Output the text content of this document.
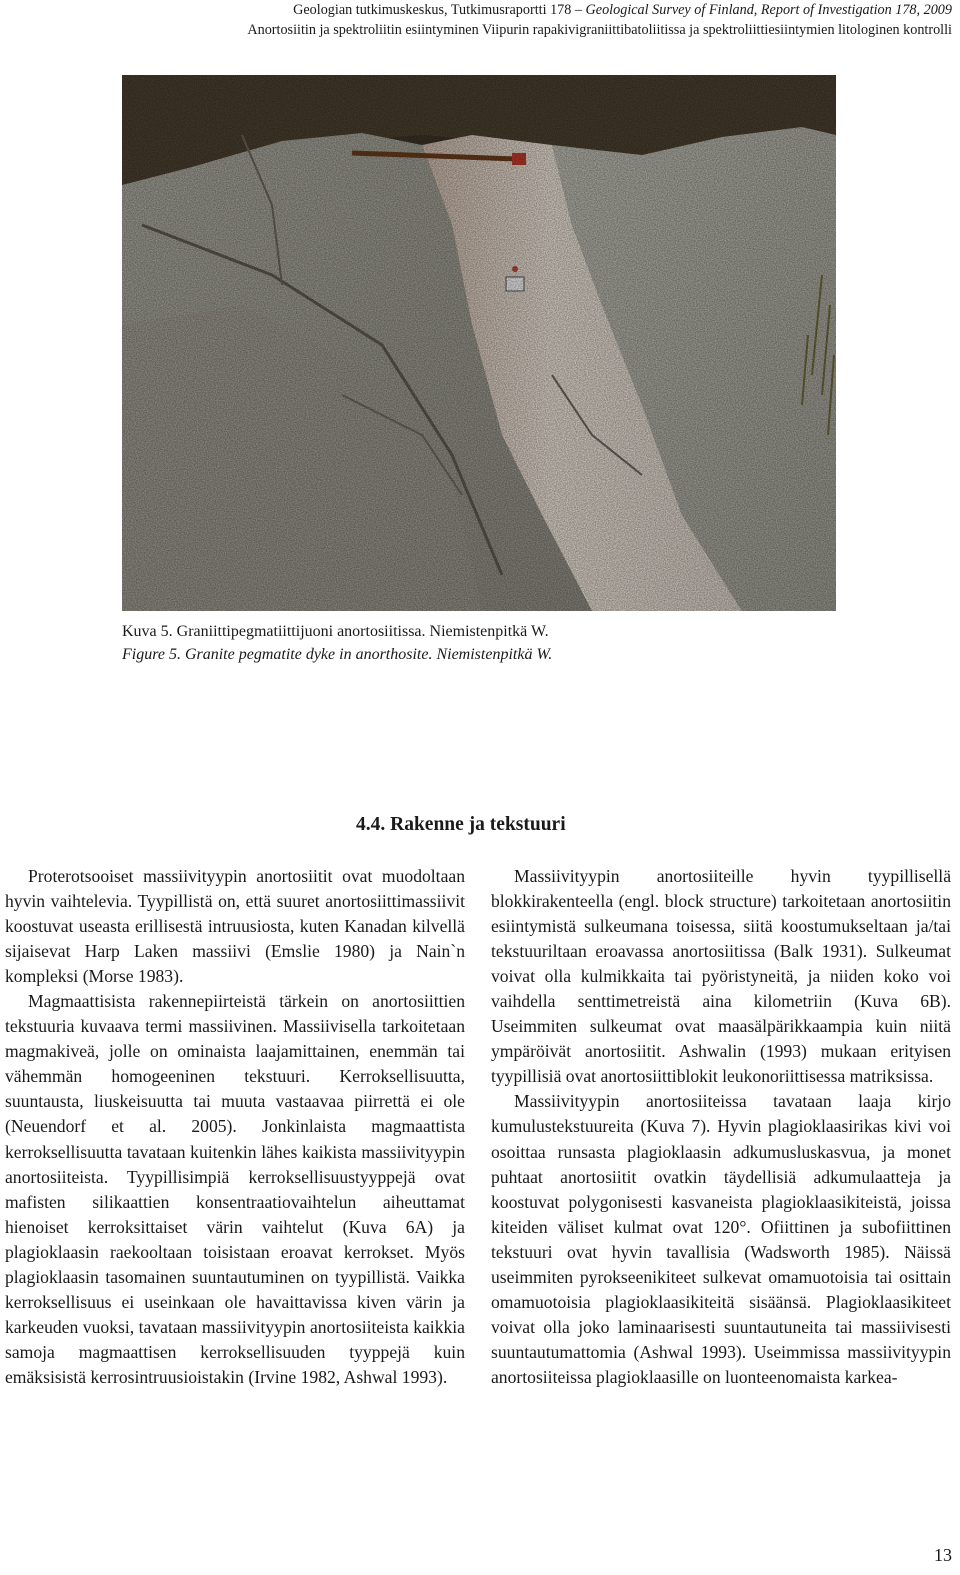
Geologian tutkimuskeskus, Tutkimusraportti 178 – Geological Survey of Finland, Report of Investigation 178, 2009
Anortosiitin ja spektroliitin esiintyminen Viipurin rapakivigraniittibatoliitissa ja spektroliittiesiintymien litologinen kontrolli
Kuva 5. Graniittipegmatiittijuoni anortosiitissa. Niemistenpitkä W.
Figure 5. Granite pegmatite dyke in anorthosite. Niemistenpitkä W.
4.4. Rakenne ja tekstuuri

Proterotsooiset massiivityypin anortosiitit ovat muodoltaan hyvin vaihtelevia. Tyypillistä on, että suuret anortosiittimassiivit koostuvat useasta erillisestä intruusiosta, kuten Kanadan kilvellä sijaisevat Harp Laken massiivi (Emslie 1980) ja Nain`n kompleksi (Morse 1983).

Magmaattisista rakennepiirteistä tärkein on anortosiittien tekstuuria kuvaava termi massiivinen. Massiivisella tarkoitetaan magmakiveä, jolle on ominaista laajamittainen, enemmän tai vähemmän homogeeninen tekstuuri. Kerroksellisuutta, suuntausta, liuskeisuutta tai muuta vastaavaa piirrettä ei ole (Neuendorf et al. 2005). Jonkinlaista magmaattista kerroksellisuutta tavataan kuitenkin lähes kaikista massiivityypin anortosiiteista. Tyypillisimpiä kerroksellisuustyyppejä ovat mafisten silikaattien konsentraatiovaihtelun aiheuttamat hienoiset kerroksittaiset värin vaihtelut (Kuva 6A) ja plagioklaasin raekooltaan toisistaan eroavat kerrokset. Myös plagioklaasin tasomainen suuntautuminen on tyypillistä. Vaikka kerroksellisuus ei useinkaan ole havaittavissa kiven värin ja karkeuden vuoksi, tavataan massiivityypin anortosiiteista kaikkia samoja magmaattisen kerroksellisuuden tyyppejä kuin emäksisistä kerrosintruusioistakin (Irvine 1982, Ashwal 1993).

Massiivityypin anortosiiteille hyvin tyypillisellä blokkirakenteella (engl. block structure) tarkoitetaan anortosiitin esiintymistä sulkeumana toisessa, siitä koostumukseltaan ja/tai tekstuuriltaan eroavassa anortosiitissa (Balk 1931). Sulkeumat voivat olla kulmikkaita tai pyöristyneitä, ja niiden koko voi vaihdella senttimetreistä aina kilometriin (Kuva 6B). Useimmiten sulkeumat ovat maasälpärikkaampia kuin niitä ympäröivät anortosiitit. Ashwalin (1993) mukaan erityisen tyypillisiä ovat anortosiittiblokit leukonoriittisessa matriksissa.

Massiivityypin anortosiiteissa tavataan laaja kirjo kumulustekstuureita (Kuva 7). Hyvin plagioklaasirikas kivi voi osoittaa runsasta plagioklaasin adkumusluskasvua, ja monet puhtaat anortosiitit ovatkin täydellisiä adkumulaatteja ja koostuvat polygonisesti kasvaneista plagioklaasikiteistä, joissa kiteiden väliset kulmat ovat 120°. Ofiittinen ja subofiittinen tekstuuri ovat hyvin tavallisia (Wadsworth 1985). Näissä useimmiten pyrokseenikiteet sulkevat omamuotoisia tai osittain omamuotoisia plagioklaasikiteitä sisäänsä. Plagioklaasikiteet voivat olla joko laminaarisesti suuntautuneita tai massiivisesti suuntautumattomia (Ashwal 1993). Useimmissa massiivityypin anortosiiteissa plagioklaasille on luonteenomaista karkea-

13
